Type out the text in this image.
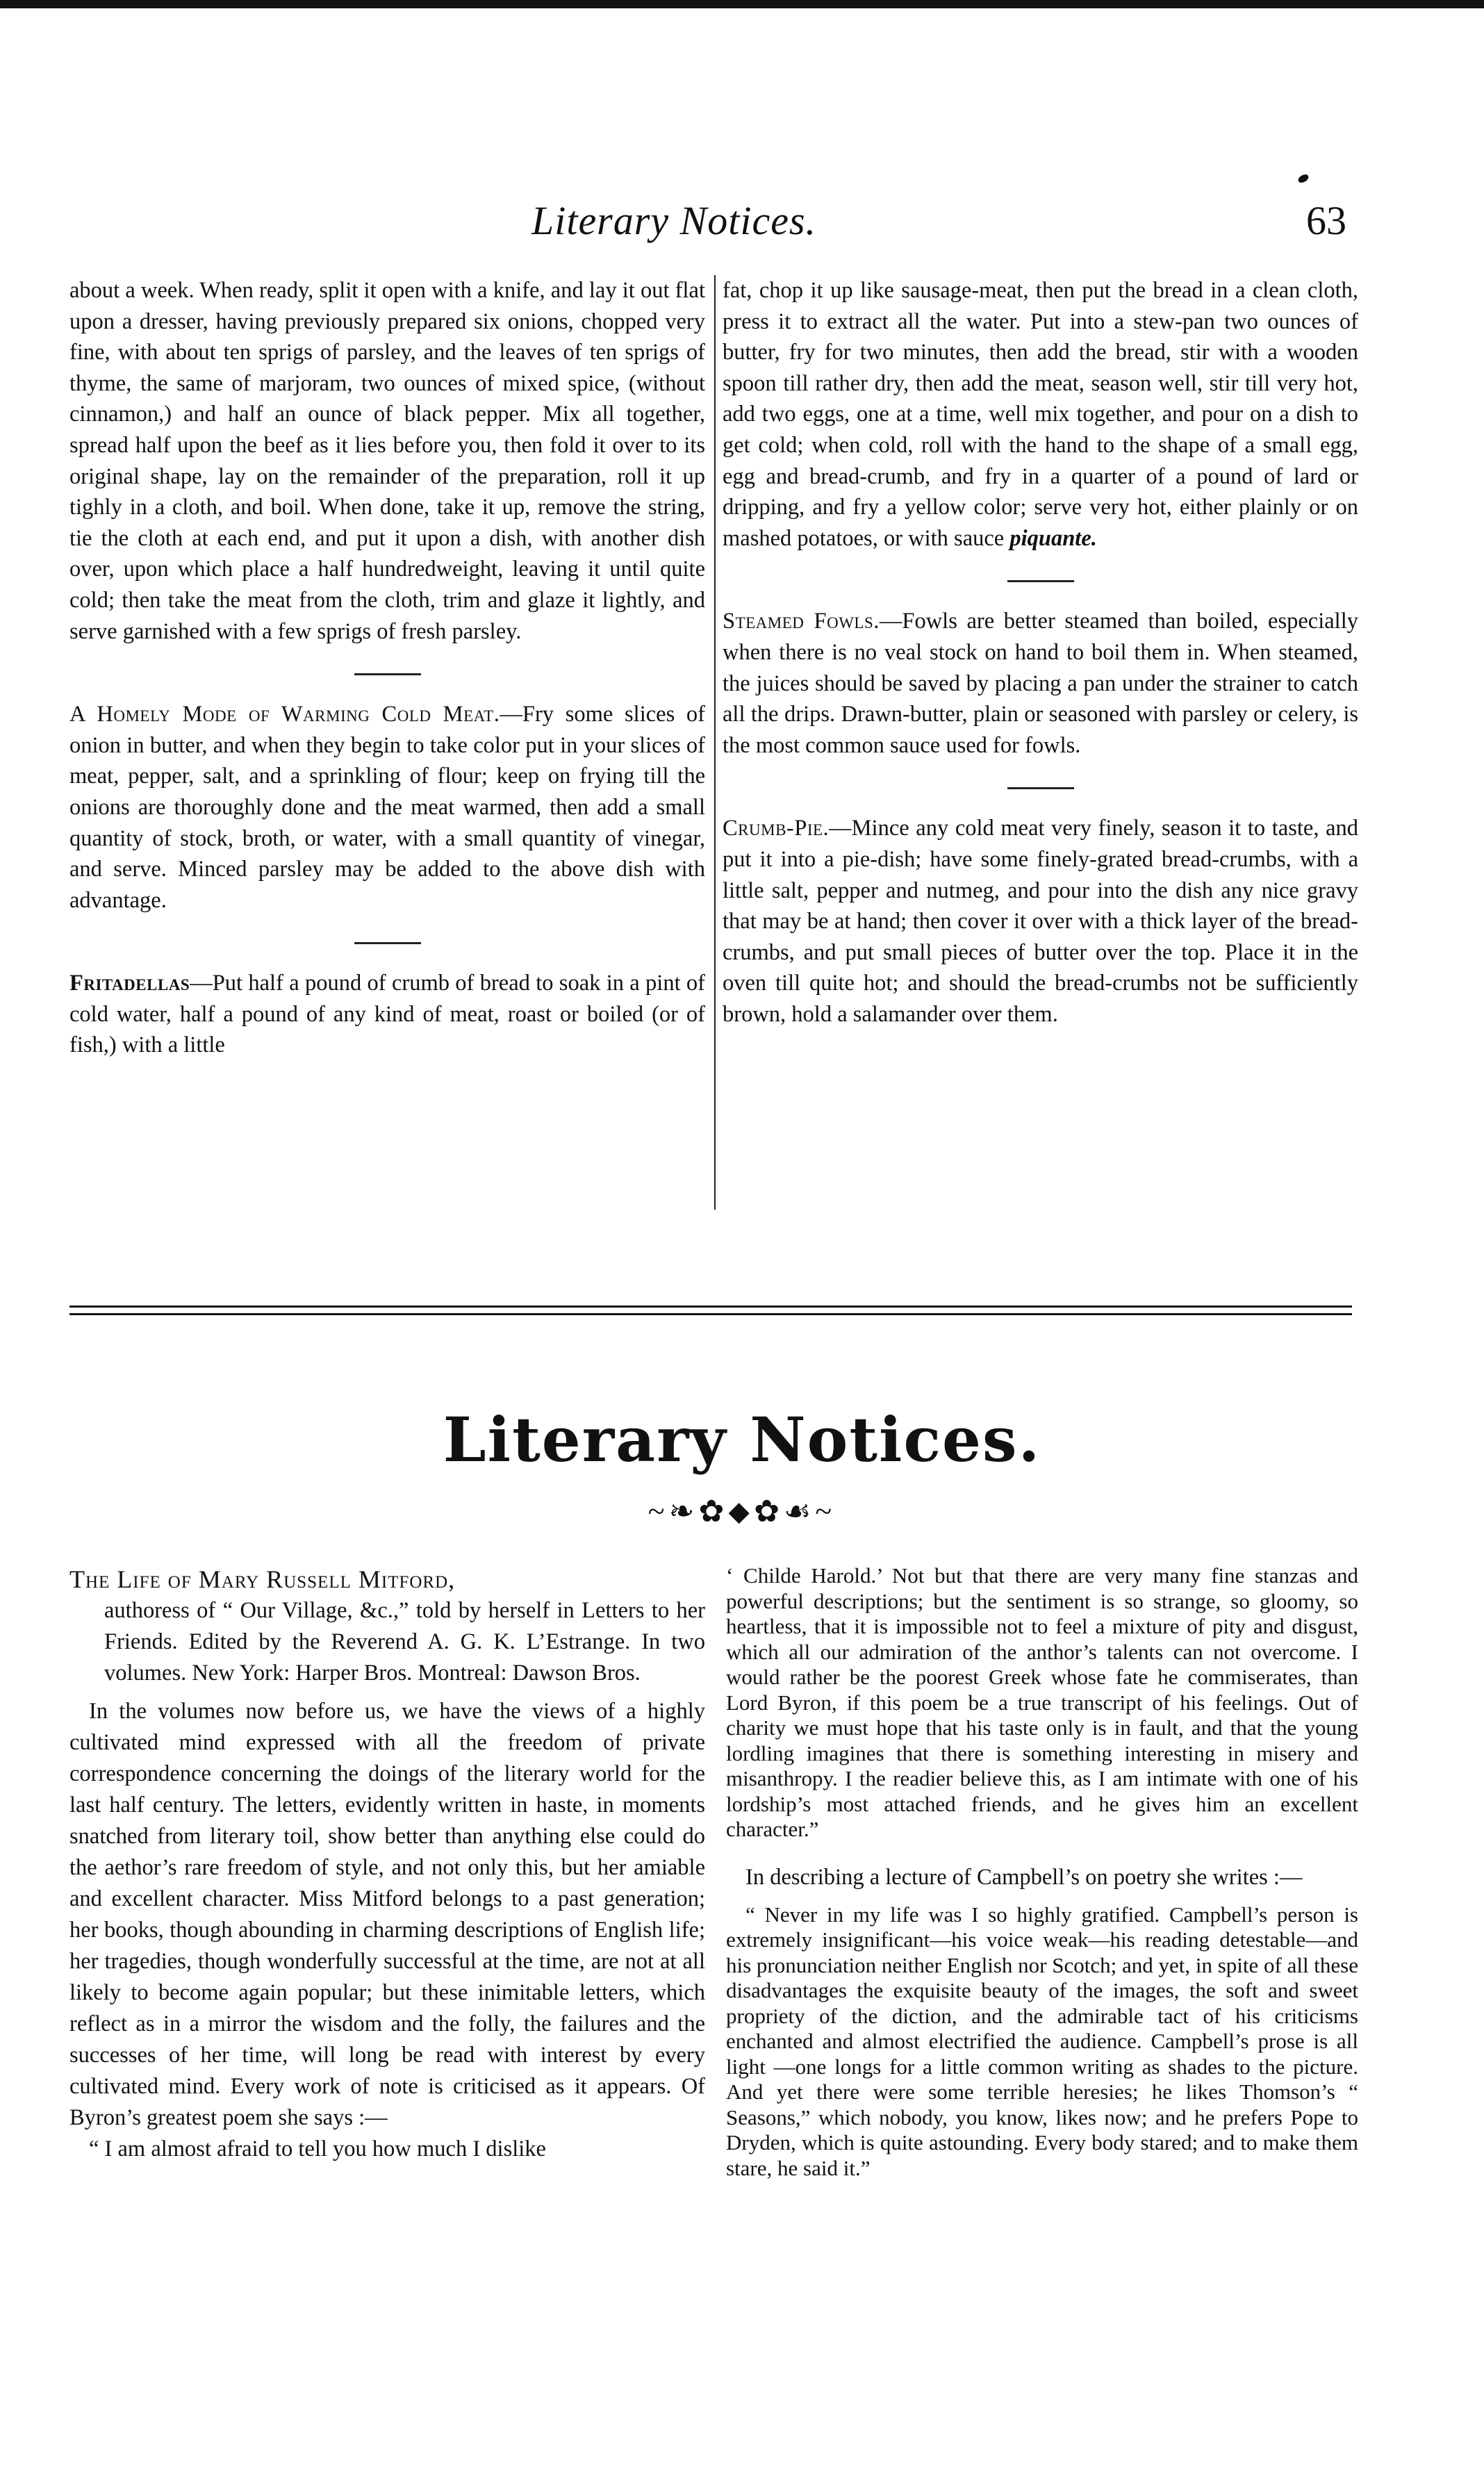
Literary Notices.	63

about a week. When ready, split it open with a knife, and lay it out flat upon a dresser, having previously prepared six onions, chopped very fine, with about ten sprigs of parsley, and the leaves of ten sprigs of thyme, the same of marjoram, two ounces of mixed spice, (without cinnamon,) and half an ounce of black pepper. Mix all together, spread half upon the beef as it lies before you, then fold it over to its original shape, lay on the remainder of the preparation, roll it up tighly in a cloth, and boil. When done, take it up, remove the string, tie the cloth at each end, and put it upon a dish, with another dish over, upon which place a half hundredweight, leaving it until quite cold; then take the meat from the cloth, trim and glaze it lightly, and serve garnished with a few sprigs of fresh parsley.

A Homely Mode of Warming Cold Meat.—Fry some slices of onion in butter, and when they begin to take color put in your slices of meat, pepper, salt, and a sprinkling of flour; keep on frying till the onions are thoroughly done and the meat warmed, then add a small quantity of stock, broth, or water, with a small quantity of vinegar, and serve. Minced parsley may be added to the above dish with advantage.

Fritadellas—Put half a pound of crumb of bread to soak in a pint of cold water, half a pound of any kind of meat, roast or boiled (or of fish,) with a little

fat, chop it up like sausage-meat, then put the bread in a clean cloth, press it to extract all the water. Put into a stew-pan two ounces of butter, fry for two minutes, then add the bread, stir with a wooden spoon till rather dry, then add the meat, season well, stir till very hot, add two eggs, one at a time, well mix together, and pour on a dish to get cold; when cold, roll with the hand to the shape of a small egg, egg and bread-crumb, and fry in a quarter of a pound of lard or dripping, and fry a yellow color; serve very hot, either plainly or on mashed potatoes, or with sauce piquante.

Steamed Fowls.—Fowls are better steamed than boiled, especially when there is no veal stock on hand to boil them in. When steamed, the juices should be saved by placing a pan under the strainer to catch all the drips. Drawn-butter, plain or seasoned with parsley or celery, is the most common sauce used for fowls.

Crumb-Pie.—Mince any cold meat very finely, season it to taste, and put it into a pie-dish; have some finely-grated bread-crumbs, with a little salt, pepper and nutmeg, and pour into the dish any nice gravy that may be at hand; then cover it over with a thick layer of the bread-crumbs, and put small pieces of butter over the top. Place it in the oven till quite hot; and should the bread-crumbs not be sufficiently brown, hold a salamander over them.

Literary Notices.
~❧✿⬥✿☙~

The Life of Mary Russell Mitford,

authoress of “ Our Village, &c.,” told by herself in Letters to her Friends. Edited by the Reverend A. G. K. L’Estrange. In two volumes. New York: Harper Bros. Montreal: Dawson Bros.

In the volumes now before us, we have the views of a highly cultivated mind expressed with all the freedom of private correspondence concerning the doings of the literary world for the last half century. The letters, evidently written in haste, in moments snatched from literary toil, show better than anything else could do the aethor’s rare freedom of style, and not only this, but her amiable and excellent character. Miss Mitford belongs to a past generation; her books, though abounding in charming descriptions of English life; her tragedies, though wonderfully successful at the time, are not at all likely to become again popular; but these inimitable letters, which reflect as in a mirror the wisdom and the folly, the failures and the successes of her time, will long be read with interest by every cultivated mind. Every work of note is criticised as it appears. Of Byron’s greatest poem she says :—

“ I am almost afraid to tell you how much I dislike

‘ Childe Harold.’ Not but that there are very many fine stanzas and powerful descriptions; but the sentiment is so strange, so gloomy, so heartless, that it is impossible not to feel a mixture of pity and disgust, which all our admiration of the anthor’s talents can not overcome. I would rather be the poorest Greek whose fate he commiserates, than Lord Byron, if this poem be a true transcript of his feelings. Out of charity we must hope that his taste only is in fault, and that the young lordling imagines that there is something interesting in misery and misanthropy. I the readier believe this, as I am intimate with one of his lordship’s most attached friends, and he gives him an excellent character.”

In describing a lecture of Campbell’s on poetry she writes :—

“ Never in my life was I so highly gratified. Campbell’s person is extremely insignificant—his voice weak—his reading detestable—and his pronunciation neither English nor Scotch; and yet, in spite of all these disadvantages the exquisite beauty of the images, the soft and sweet propriety of the diction, and the admirable tact of his criticisms enchanted and almost electrified the audience. Campbell’s prose is all light —one longs for a little common writing as shades to the picture. And yet there were some terrible heresies; he likes Thomson’s “ Seasons,” which nobody, you know, likes now; and he prefers Pope to Dryden, which is quite astounding. Every body stared; and to make them stare, he said it.”
